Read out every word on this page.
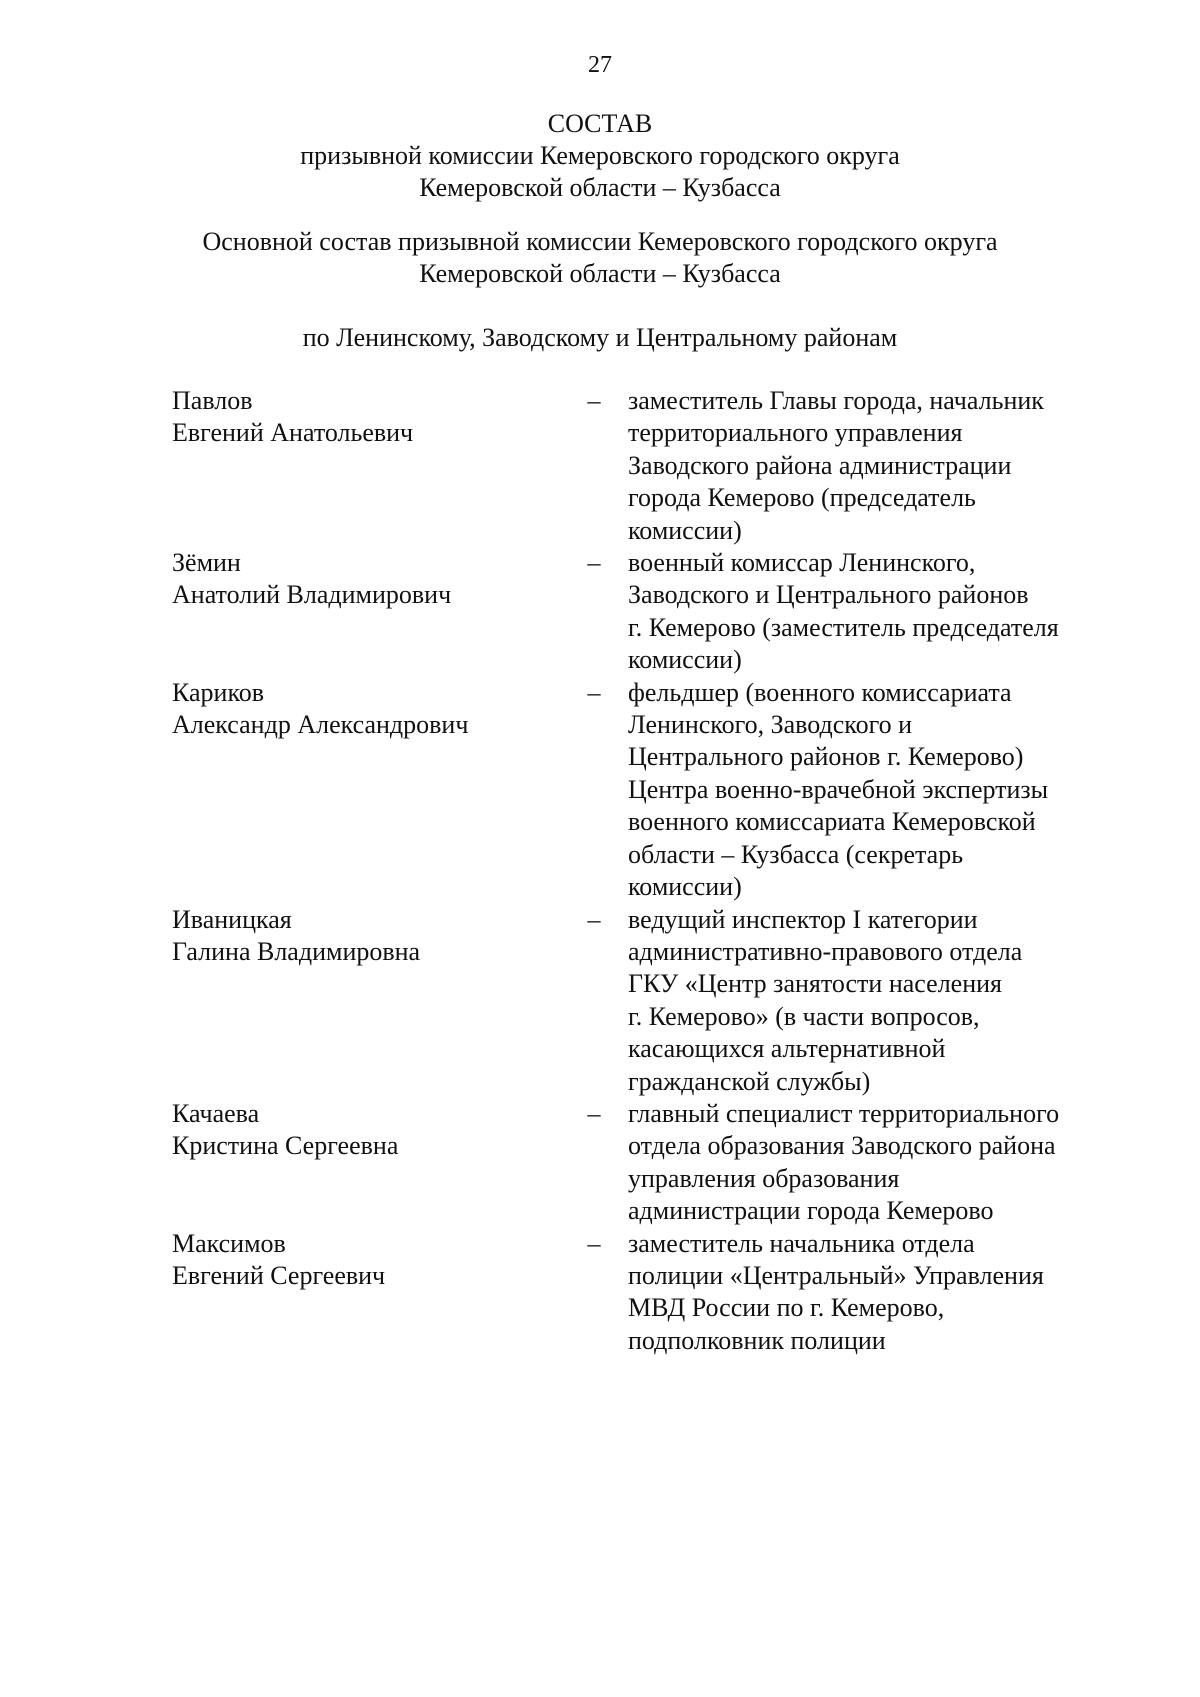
27
СОСТАВ
призывной комиссии Кемеровского городского округа
Кемеровской области – Кузбасса
Основной состав призывной комиссии Кемеровского городского округа
Кемеровской области – Кузбасса
по Ленинскому, Заводскому и Центральному районам
Павлов
Евгений Анатольевич
–	заместитель Главы города, начальник
территориального управления
Заводского района администрации
города Кемерово (председатель
комиссии)
Зёмин
Анатолий Владимирович
–	военный комиссар Ленинского,
Заводского и Центрального районов
г. Кемерово (заместитель председателя
комиссии)
Кариков
Александр Александрович
–	фельдшер (военного комиссариата
Ленинского, Заводского и
Центрального районов г. Кемерово)
Центра военно-врачебной экспертизы
военного комиссариата Кемеровской
области – Кузбасса (секретарь
комиссии)
Иваницкая
Галина Владимировна
–	ведущий инспектор I категории
административно-правового отдела
ГКУ «Центр занятости населения
г. Кемерово» (в части вопросов,
касающихся альтернативной
гражданской службы)
Качаева
Кристина Сергеевна
–	главный специалист территориального
отдела образования Заводского района
управления образования
администрации города Кемерово
Максимов
Евгений Сергеевич
–	заместитель начальника отдела
полиции «Центральный» Управления
МВД России по г. Кемерово,
подполковник полиции
